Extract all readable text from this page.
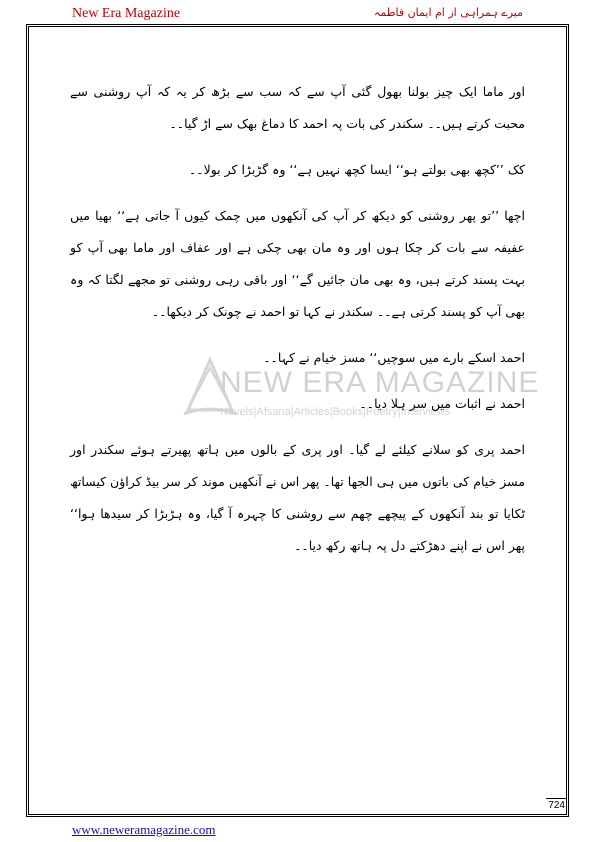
New Era Magazine	میرے ہمراہی از ام ایمان فاطمہ
NEW ERA MAGAZINE
Novels|Afsana|Articles|Books|Poetry|Interviews

اور ماما ایک چیز بولنا بھول گئی آپ سے کہ سب سے بڑھ کر یہ کہ آپ روشنی سے محبت کرتے ہیں۔۔ سکندر کی بات پہ احمد کا دماغ بھک سے اڑ گیا۔۔

کک ’’کچھ بھی بولتے ہو‘‘ ایسا کچھ نہیں ہے‘‘ وہ گڑبڑا کر بولا۔۔

اچھا ’’تو پھر روشنی کو دیکھ کر آپ کی آنکھوں میں چمک کیوں آ جاتی ہے‘‘ بھیا میں عفیفہ سے بات کر چکا ہوں اور وہ مان بھی چکی ہے اور عفاف اور ماما بھی آپ کو بہت پسند کرتے ہیں، وہ بھی مان جائیں گے‘‘ اور باقی رہی روشنی تو مجھے لگتا کہ وہ بھی آپ کو پسند کرتی ہے۔۔ سکندر نے کہا تو احمد نے چونک کر دیکھا۔۔

احمد اسکے بارے میں سوچیں‘‘ مسز خیام نے کہا۔۔

احمد نے اثبات میں سر ہلا دیا۔۔

احمد پری کو سلانے کیلئے لے گیا۔ اور پری کے بالوں میں ہاتھ پھیرتے ہوئے سکندر اور مسز خیام کی باتوں میں ہی الجھا تھا۔ پھر اس نے آنکھیں موند کر سر بیڈ کراؤن کیساتھ ٹکایا تو بند آنکھوں کے پیچھے چھم سے روشنی کا چہرہ آ گیا، وہ ہڑبڑا کر سیدھا ہوا‘‘ پھر اس نے اپنے دھڑکتے دل پہ ہاتھ رکھ دیا۔۔

724
www.neweramagazine.com
